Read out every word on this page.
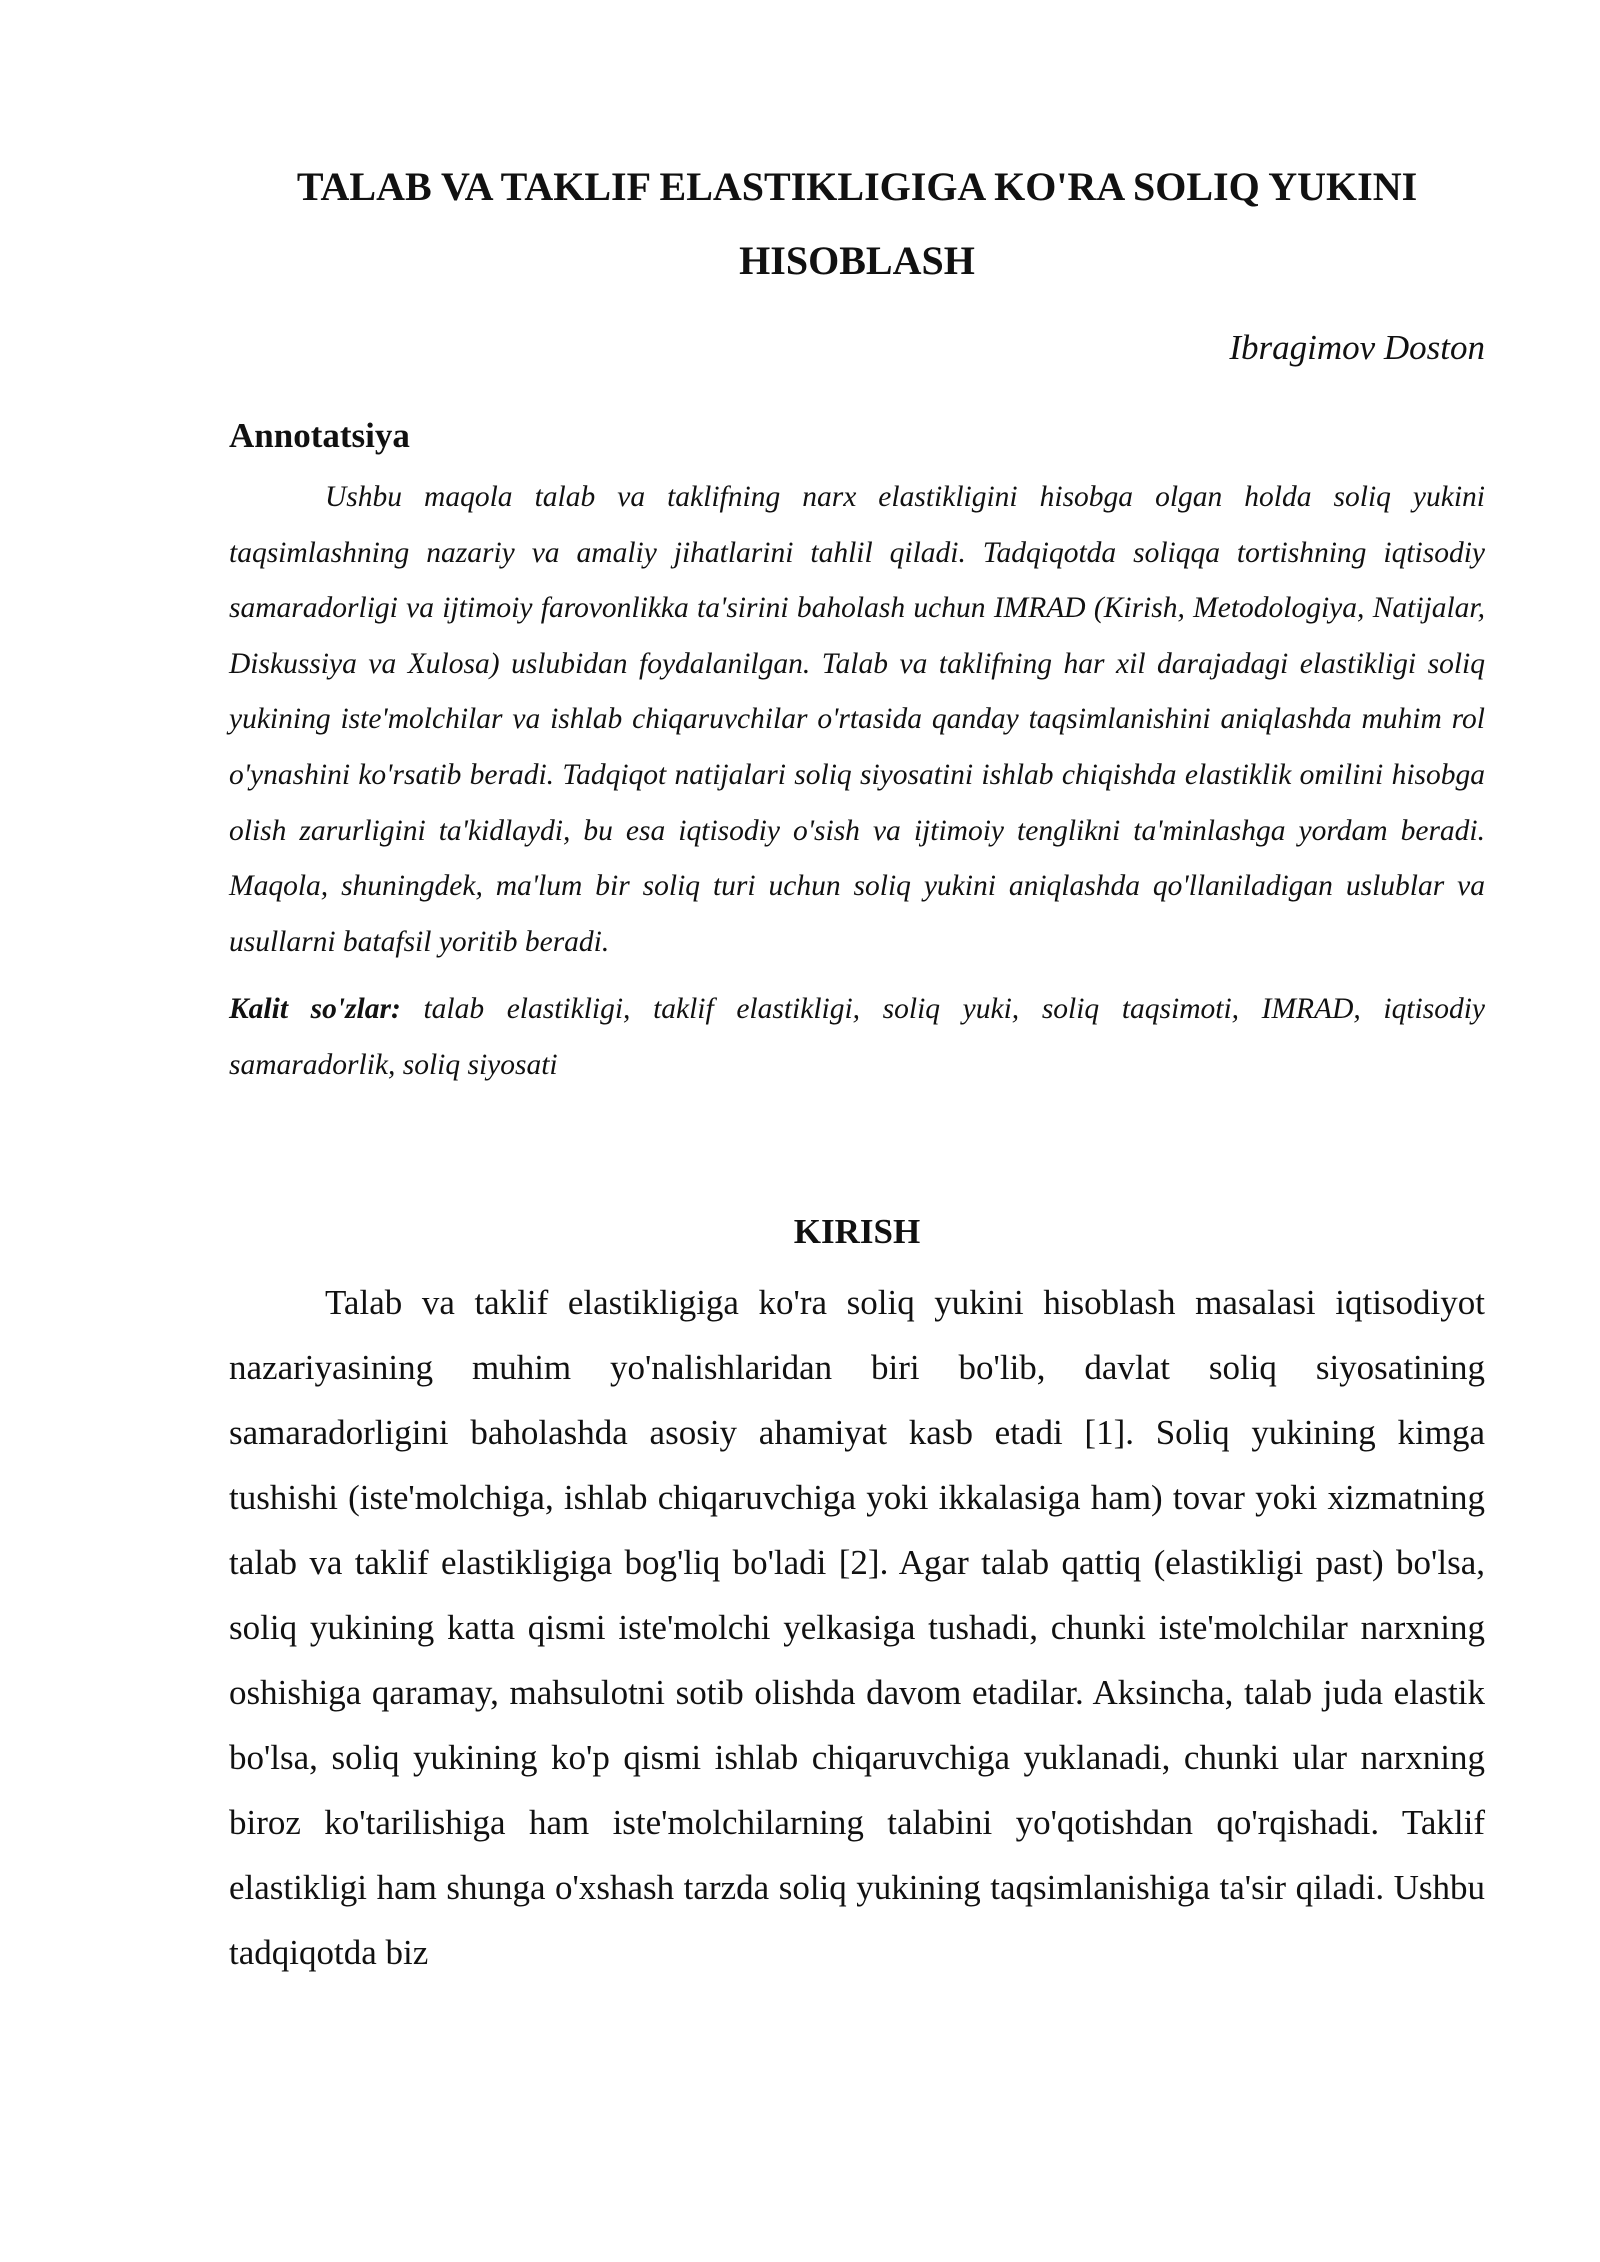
TALAB VA TAKLIF ELASTIKLIGIGA KO'RA SOLIQ YUKINI HISOBLASH
Ibragimov Doston
Annotatsiya

Ushbu maqola talab va taklifning narx elastikligini hisobga olgan holda soliq yukini taqsimlashning nazariy va amaliy jihatlarini tahlil qiladi. Tadqiqotda soliqqa tortishning iqtisodiy samaradorligi va ijtimoiy farovonlikka ta'sirini baholash uchun IMRAD (Kirish, Metodologiya, Natijalar, Diskussiya va Xulosa) uslubidan foydalanilgan. Talab va taklifning har xil darajadagi elastikligi soliq yukining iste'molchilar va ishlab chiqaruvchilar o'rtasida qanday taqsimlanishini aniqlashda muhim rol o'ynashini ko'rsatib beradi. Tadqiqot natijalari soliq siyosatini ishlab chiqishda elastiklik omilini hisobga olish zarurligini ta'kidlaydi, bu esa iqtisodiy o'sish va ijtimoiy tenglikni ta'minlashga yordam beradi. Maqola, shuningdek, ma'lum bir soliq turi uchun soliq yukini aniqlashda qo'llaniladigan uslublar va usullarni batafsil yoritib beradi.

Kalit so'zlar: talab elastikligi, taklif elastikligi, soliq yuki, soliq taqsimoti, IMRAD, iqtisodiy samaradorlik, soliq siyosati

KIRISH

Talab va taklif elastikligiga ko'ra soliq yukini hisoblash masalasi iqtisodiyot nazariyasining muhim yo'nalishlaridan biri bo'lib, davlat soliq siyosatining samaradorligini baholashda asosiy ahamiyat kasb etadi [1]. Soliq yukining kimga tushishi (iste'molchiga, ishlab chiqaruvchiga yoki ikkalasiga ham) tovar yoki xizmatning talab va taklif elastikligiga bog'liq bo'ladi [2]. Agar talab qattiq (elastikligi past) bo'lsa, soliq yukining katta qismi iste'molchi yelkasiga tushadi, chunki iste'molchilar narxning oshishiga qaramay, mahsulotni sotib olishda davom etadilar. Aksincha, talab juda elastik bo'lsa, soliq yukining ko'p qismi ishlab chiqaruvchiga yuklanadi, chunki ular narxning biroz ko'tarilishiga ham iste'molchilarning talabini yo'qotishdan qo'rqishadi. Taklif elastikligi ham shunga o'xshash tarzda soliq yukining taqsimlanishiga ta'sir qiladi. Ushbu tadqiqotda biz
